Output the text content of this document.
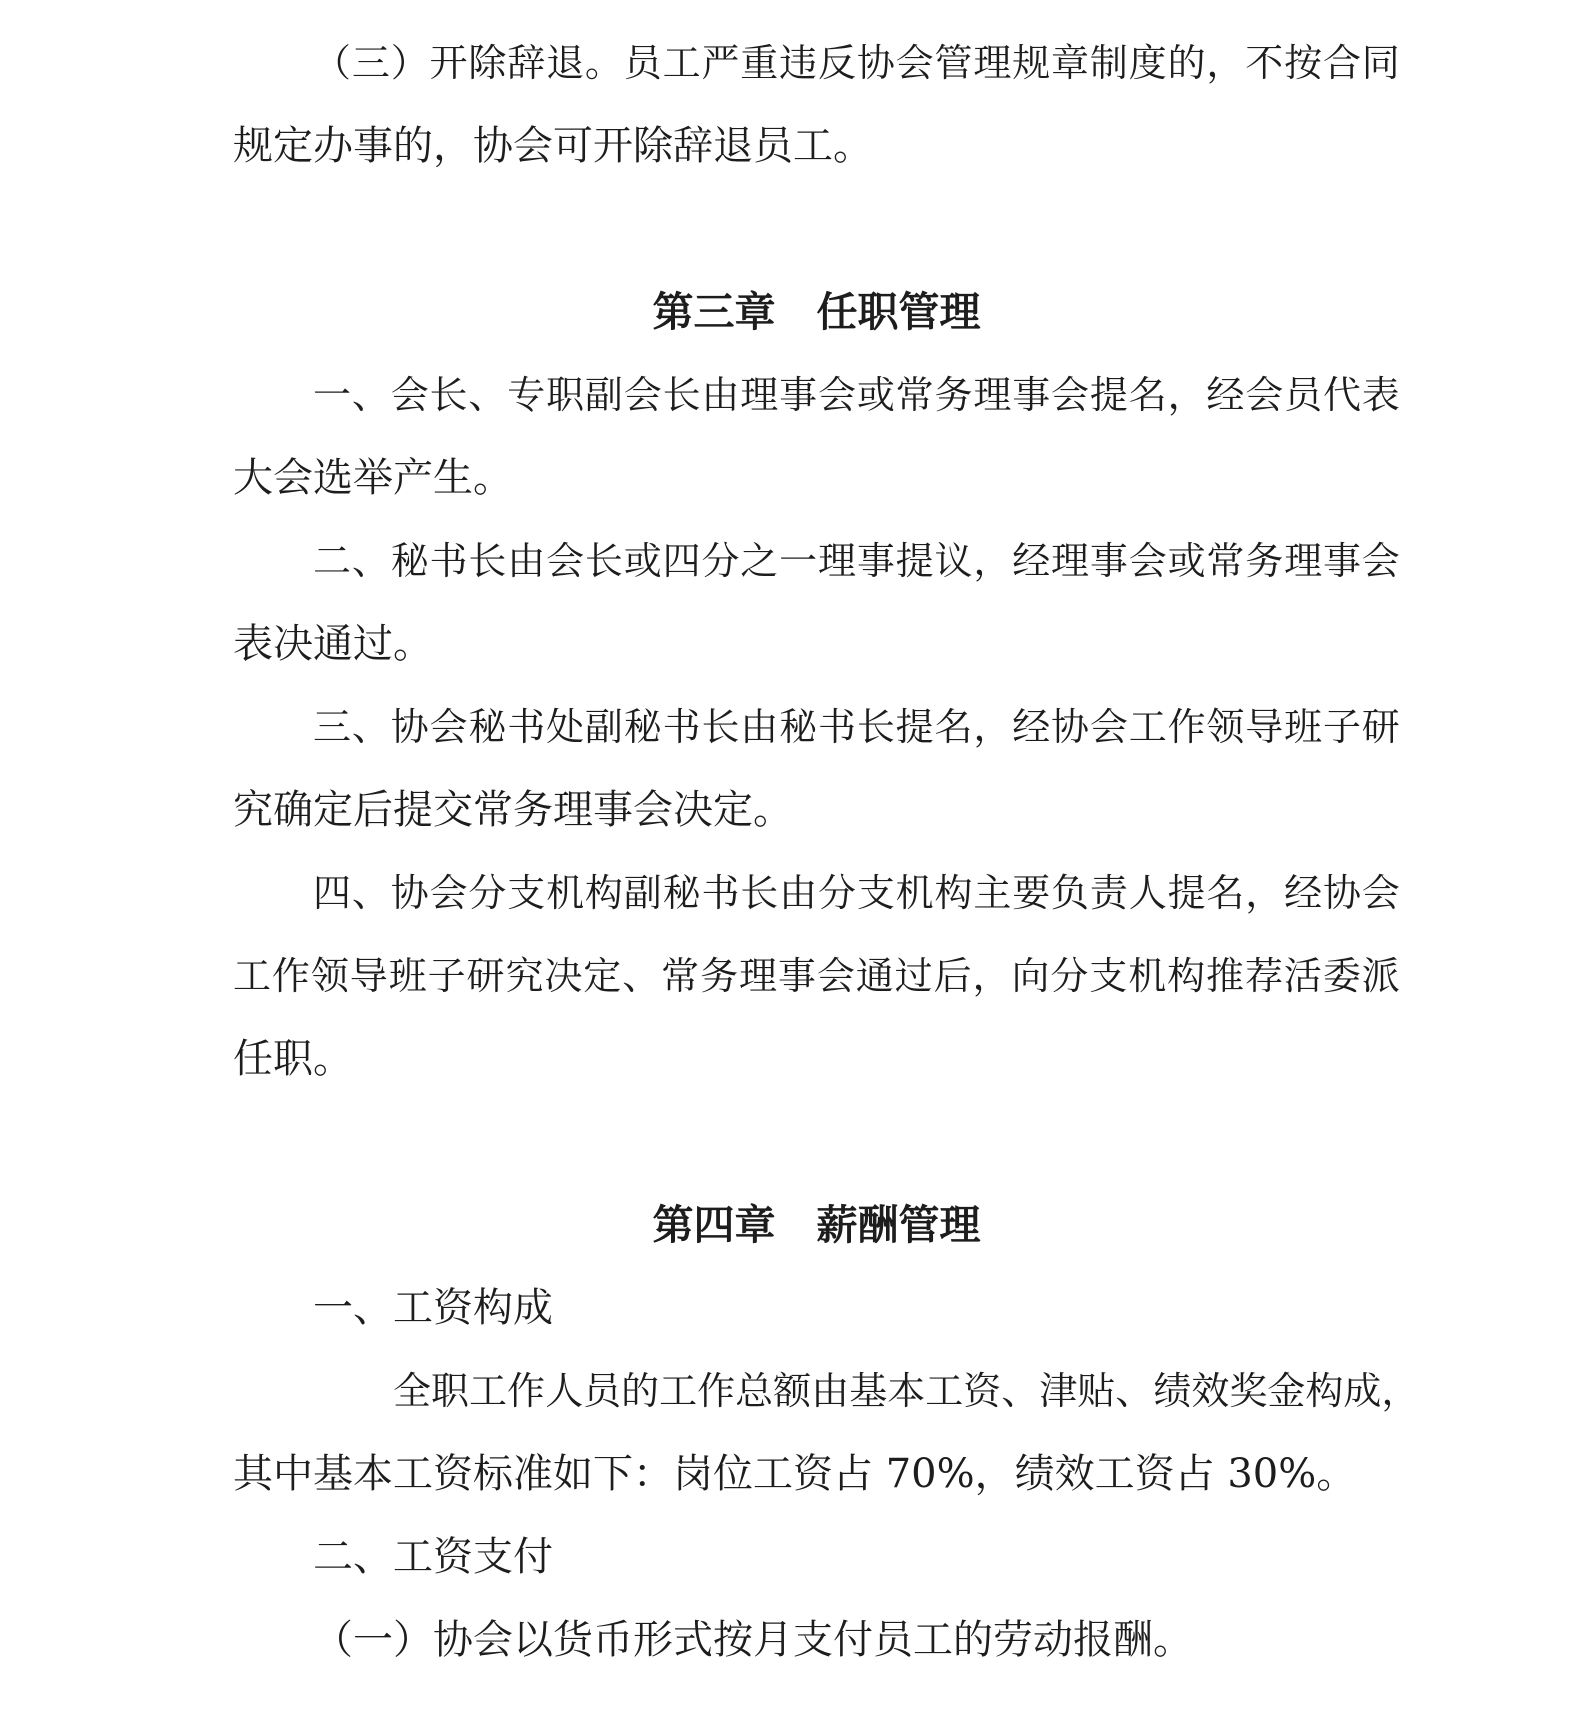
（ 三 ） 开 除 辞 退 。 员 工 严 重 违 反 协 会 管 理 规 章 制 度 的 ， 不 按 合 同
规定办事的，协会可开除辞退员工。
第三章　任职管理
一 、 会 长 、 专 职 副 会 长 由 理 事 会 或 常 务 理 事 会 提 名 ， 经 会 员 代 表
大会选举产生。
二 、 秘 书 长 由 会 长 或 四 分 之 一 理 事 提 议 ， 经 理 事 会 或 常 务 理 事 会
表决通过。
三 、 协 会 秘 书 处 副 秘 书 长 由 秘 书 长 提 名 ， 经 协 会 工 作 领 导 班 子 研
究确定后提交常务理事会决定。
四 、 协 会 分 支 机 构 副 秘 书 长 由 分 支 机 构 主 要 负 责 人 提 名 ， 经 协 会
工 作 领 导 班 子 研 究 决 定 、 常 务 理 事 会 通 过 后 ， 向 分 支 机 构 推 荐 活 委 派
任职。
第四章　薪酬管理
一、工资构成
全 职 工 作 人 员 的 工 作 总 额 由 基 本 工 资 、 津 贴 、 绩 效 奖 金 构 成 ，
其中基本工资标准如下：岗位工资占 70%，绩效工资占 30%。
二、工资支付
（一）协会以货币形式按月支付员工的劳动报酬。
